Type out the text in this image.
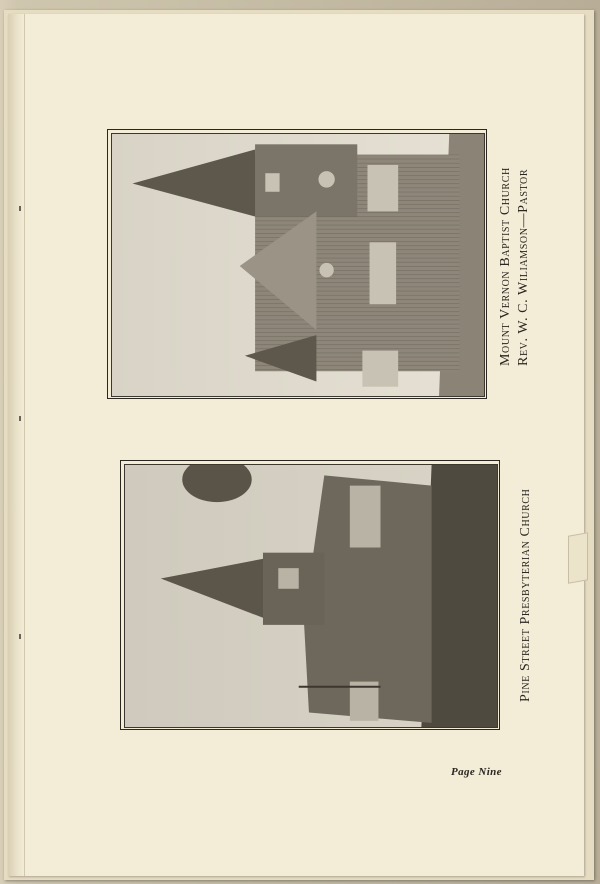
Mount Vernon Baptist Church Rev. W. C. Wiliamson—Pastor
Pine Street Presbyterian Church
Page Nine
